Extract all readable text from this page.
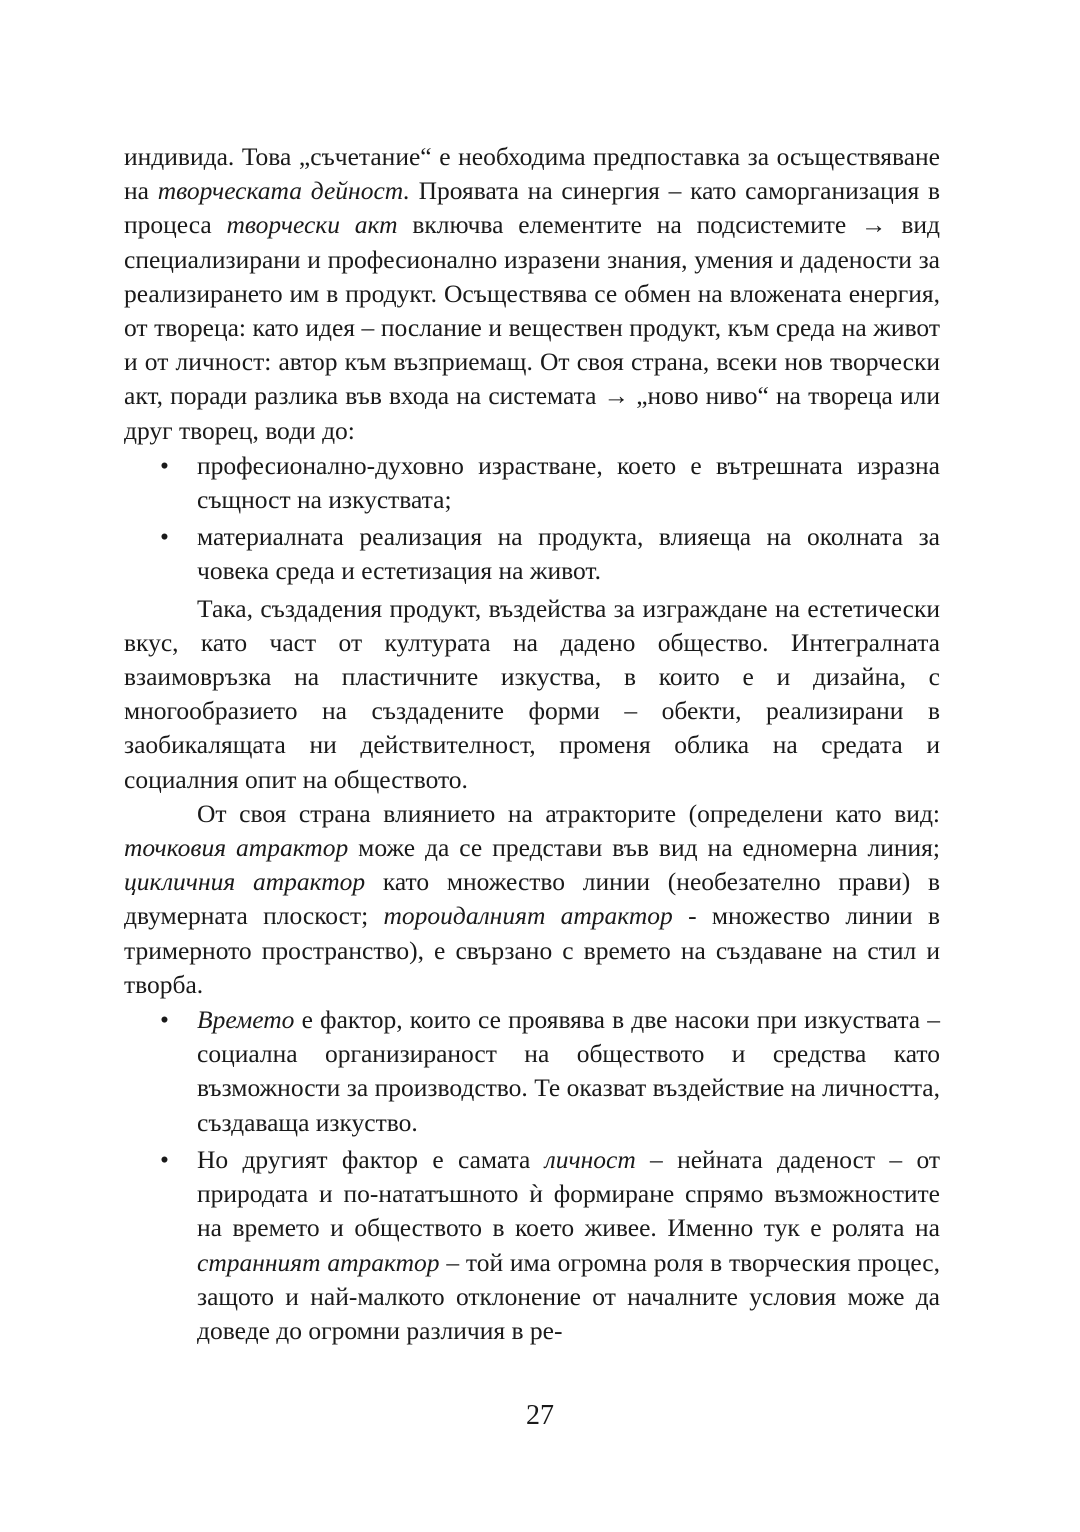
индивида. Това „съчетание“ е необходима предпоставка за осъществяване на творческата дейност. Проявата на синергия – като саморганизация в процеса творчески акт включва елементите на подсистемите → вид специализирани и професионално изразени знания, умения и дадености за реализирането им в продукт. Осъществява се обмен на вложената енергия, от твореца: като идея – послание и веществен продукт, към среда на живот и от личност: автор към възприемащ. От своя страна, всеки нов творчески акт, поради разлика във входа на системата → „ново ниво“ на твореца или друг творец, води до:

• професионално-духовно израстване, което е вътрешната изразна същност на изкуствата;
• материалната реализация на продукта, влияеща на околната за човека среда и естетизация на живот.

Така, създадения продукт, въздейства за изграждане на естетически вкус, като част от културата на дадено общество. Интегралната взаимовръзка на пластичните изкуства, в които е и дизайна, с многообразието на създадените форми – обекти, реализирани в заобикалящата ни действителност, променя облика на средата и социалния опит на обществото.

От своя страна влиянието на атракторите (определени като вид: точковия атрактор може да се представи във вид на едномерна линия; цикличния атрактор като множество линии (необезателно прави) в двумерната плоскост; тороидалният атрактор - множество линии в тримерното пространство), е свързано с времето на създаване на стил и творба.

• Времето е фактор, които се проявява в две насоки при изкуствата – социална организираност на обществото и средства като възможности за производство. Те оказват въздействие на личността, създаваща изкуство.
• Но другият фактор е самата личност – нейната даденост – от природата и по-нататъшното ѝ формиране спрямо възможностите на времето и обществото в което живее. Именно тук е ролята на странният атрактор – той има огромна роля в творческия процес, защото и най-малкото отклонение от началните условия може да доведе до огромни различия в ре-
27
